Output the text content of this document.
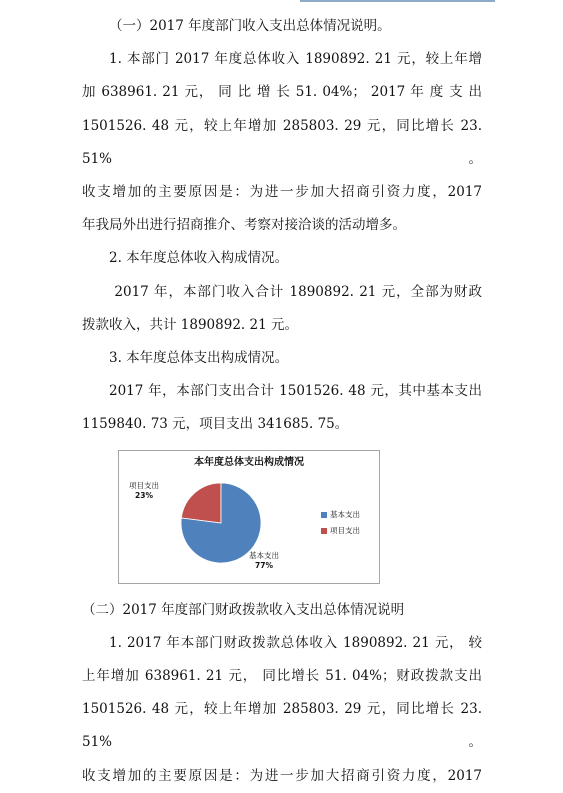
（一）2017 年度部门收入支出总体情况说明。

1. 本部门 2017 年度总体收入 1890892. 21 元，较上年增
加 638961. 21 元， 同 比 增 长 51. 04%； 2017 年 度 支 出
1501526. 48 元，较上年增加 285803. 29 元，同比增长 23. 51%。
收支增加的主要原因是：为进一步加大招商引资力度，2017
年我局外出进行招商推介、考察对接洽谈的活动增多。

2. 本年度总体收入构成情况。

2017 年，本部门收入合计 1890892. 21 元，全部为财政
拨款收入，共计 1890892. 21 元。

3. 本年度总体支出构成情况。

2017 年，本部门支出合计 1501526. 48 元，其中基本支出
1159840. 73 元，项目支出 341685. 75。
本年度总体支出构成情况
项目支出
23%
基本支出
77%
基本支出
项目支出

（二）2017 年度部门财政拨款收入支出总体情况说明

1. 2017 年本部门财政拨款总体收入 1890892. 21 元， 较
上年增加 638961. 21 元， 同比增长 51. 04%；财政拨款支出
1501526. 48 元，较上年增加 285803. 29 元，同比增长 23. 51%。
收支增加的主要原因是：为进一步加大招商引资力度，2017
